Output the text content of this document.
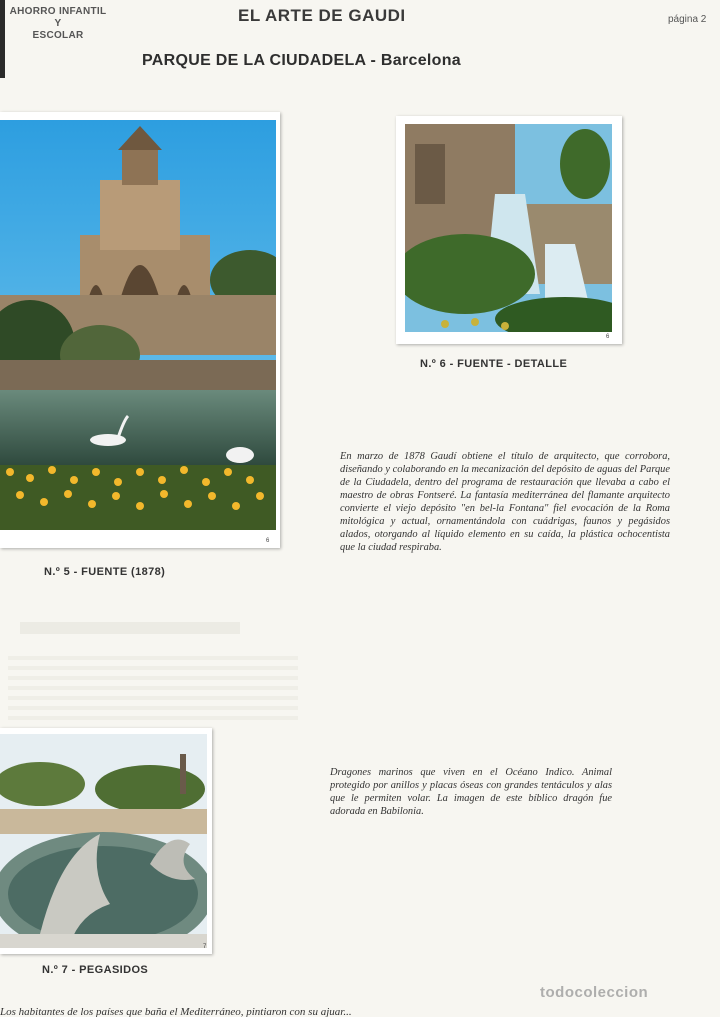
AHORRO INFANTIL
Y
ESCOLAR
EL ARTE DE GAUDI	página 2
PARQUE DE LA CIUDADELA - Barcelona
6
N.º 5 - FUENTE (1878)
6
N.º 6 - FUENTE - DETALLE
En marzo de 1878 Gaudí obtiene el título de arquitecto, que corrobora, diseñando y colaborando en la mecanización del depósito de aguas del Parque de la Ciudadela, dentro del programa de restauración que llevaba a cabo el maestro de obras Fontseré. La fantasía mediterránea del flamante arquitecto convierte el viejo depósito "en bel-la Fontana" fiel evocación de la Roma mitológica y actual, ornamentándola con cuádrigas, faunos y pegásidos alados, otorgando al líquido elemento en su caída, la plástica ochocentista que la ciudad respiraba.
7
N.º 7 - PEGASIDOS
Dragones marinos que viven en el Océano Indico. Animal protegido por anillos y placas óseas con grandes tentáculos y alas que le permiten volar. La imagen de este bíblico dragón fue adorada en Babilonia.
Los habitantes de los países que baña el Mediterráneo, pintiaron con su ajuar...
todocoleccion
